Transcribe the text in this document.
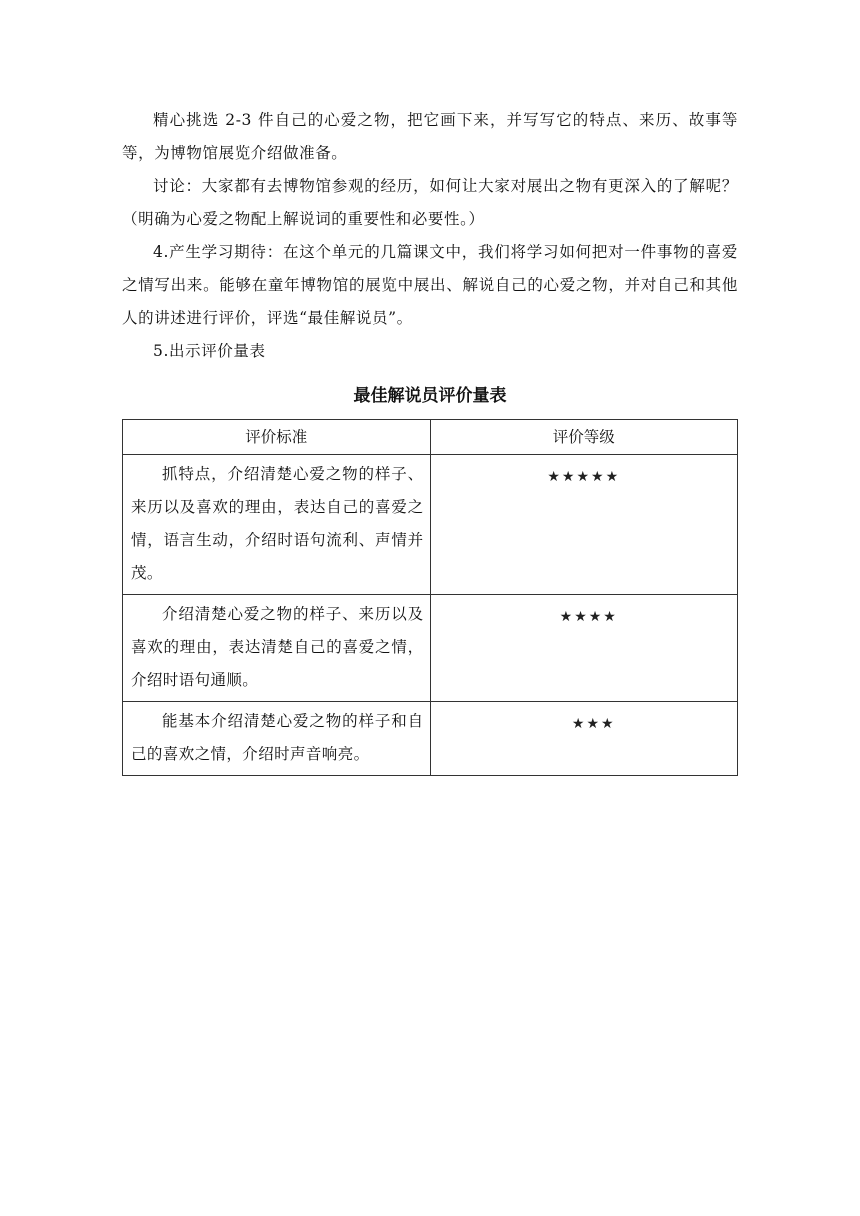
精心挑选 2-3 件自己的心爱之物，把它画下来，并写写它的特点、来历、故事等等，为博物馆展览介绍做准备。

讨论：大家都有去博物馆参观的经历，如何让大家对展出之物有更深入的了解呢？（明确为心爱之物配上解说词的重要性和必要性。）

4.产生学习期待：在这个单元的几篇课文中，我们将学习如何把对一件事物的喜爱之情写出来。能够在童年博物馆的展览中展出、解说自己的心爱之物，并对自己和其他人的讲述进行评价，评选“最佳解说员”。

5.出示评价量表

最佳解说员评价量表

评价标准	评价等级

抓特点，介绍清楚心爱之物的样子、来历以及喜欢的理由，表达自己的喜爱之情，语言生动，介绍时语句流利、声情并茂。	★★★★★

介绍清楚心爱之物的样子、来历以及喜欢的理由，表达清楚自己的喜爱之情，介绍时语句通顺。	★★★★

能基本介绍清楚心爱之物的样子和自己的喜欢之情，介绍时声音响亮。	★★★
